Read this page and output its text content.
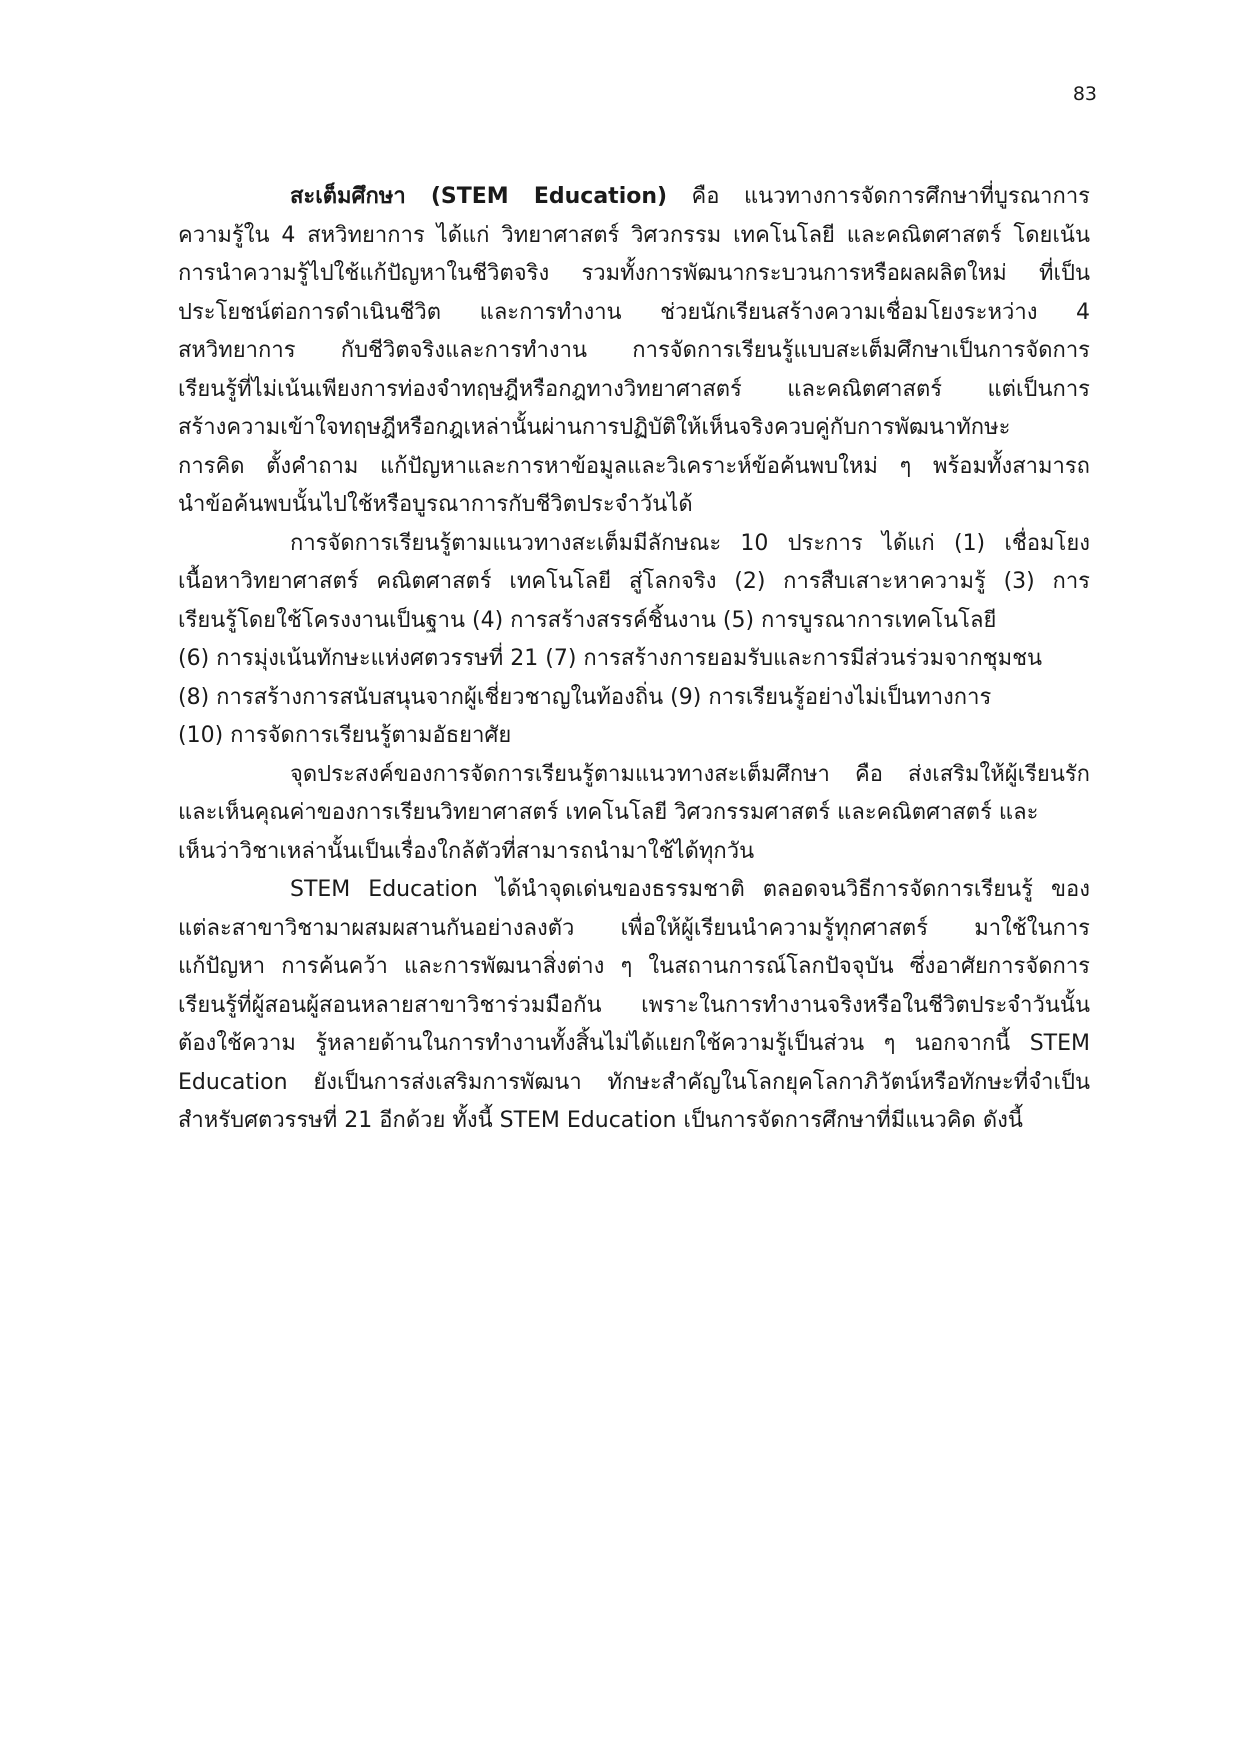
83
สะเต็มศึกษา (STEM Education) คือ แนวทางการจัดการศึกษาที่บูรณาการ
ความรู้ใน 4 สหวิทยาการ ได้แก่ วิทยาศาสตร์ วิศวกรรม เทคโนโลยี และคณิตศาสตร์ โดยเน้น
การนำความรู้ไปใช้แก้ปัญหาในชีวิตจริง รวมทั้งการพัฒนากระบวนการหรือผลผลิตใหม่ ที่เป็น
ประโยชน์ต่อการดำเนินชีวิต และการทำงาน ช่วยนักเรียนสร้างความเชื่อมโยงระหว่าง 4
สหวิทยาการ กับชีวิตจริงและการทำงาน การจัดการเรียนรู้แบบสะเต็มศึกษาเป็นการจัดการ
เรียนรู้ที่ไม่เน้นเพียงการท่องจำทฤษฎีหรือกฎทางวิทยาศาสตร์ และคณิตศาสตร์ แต่เป็นการ
สร้างความเข้าใจทฤษฎีหรือกฎเหล่านั้นผ่านการปฏิบัติให้เห็นจริงควบคู่กับการพัฒนาทักษะ
การคิด ตั้งคำถาม แก้ปัญหาและการหาข้อมูลและวิเคราะห์ข้อค้นพบใหม่ ๆ พร้อมทั้งสามารถ
นำข้อค้นพบนั้นไปใช้หรือบูรณาการกับชีวิตประจำวันได้
การจัดการเรียนรู้ตามแนวทางสะเต็มมีลักษณะ 10 ประการ ได้แก่ (1) เชื่อมโยง
เนื้อหาวิทยาศาสตร์ คณิตศาสตร์ เทคโนโลยี สู่โลกจริง (2) การสืบเสาะหาความรู้ (3) การ
เรียนรู้โดยใช้โครงงานเป็นฐาน (4) การสร้างสรรค์ชิ้นงาน (5) การบูรณาการเทคโนโลยี
(6) การมุ่งเน้นทักษะแห่งศตวรรษที่ 21 (7) การสร้างการยอมรับและการมีส่วนร่วมจากชุมชน
(8) การสร้างการสนับสนุนจากผู้เชี่ยวชาญในท้องถิ่น (9) การเรียนรู้อย่างไม่เป็นทางการ
(10) การจัดการเรียนรู้ตามอัธยาศัย
จุดประสงค์ของการจัดการเรียนรู้ตามแนวทางสะเต็มศึกษา คือ ส่งเสริมให้ผู้เรียนรัก
และเห็นคุณค่าของการเรียนวิทยาศาสตร์ เทคโนโลยี วิศวกรรมศาสตร์ และคณิตศาสตร์ และ
เห็นว่าวิชาเหล่านั้นเป็นเรื่องใกล้ตัวที่สามารถนำมาใช้ได้ทุกวัน
STEM Education ได้นำจุดเด่นของธรรมชาติ ตลอดจนวิธีการจัดการเรียนรู้ ของ
แต่ละสาขาวิชามาผสมผสานกันอย่างลงตัว เพื่อให้ผู้เรียนนำความรู้ทุกศาสตร์ มาใช้ในการ
แก้ปัญหา การค้นคว้า และการพัฒนาสิ่งต่าง ๆ ในสถานการณ์โลกปัจจุบัน ซึ่งอาศัยการจัดการ
เรียนรู้ที่ผู้สอนผู้สอนหลายสาขาวิชาร่วมมือกัน เพราะในการทำงานจริงหรือในชีวิตประจำวันนั้น
ต้องใช้ความ รู้หลายด้านในการทำงานทั้งสิ้นไม่ได้แยกใช้ความรู้เป็นส่วน ๆ นอกจากนี้ STEM
Education ยังเป็นการส่งเสริมการพัฒนา ทักษะสำคัญในโลกยุคโลกาภิวัตน์หรือทักษะที่จำเป็น
สำหรับศตวรรษที่ 21 อีกด้วย ทั้งนี้ STEM Education เป็นการจัดการศึกษาที่มีแนวคิด ดังนี้
